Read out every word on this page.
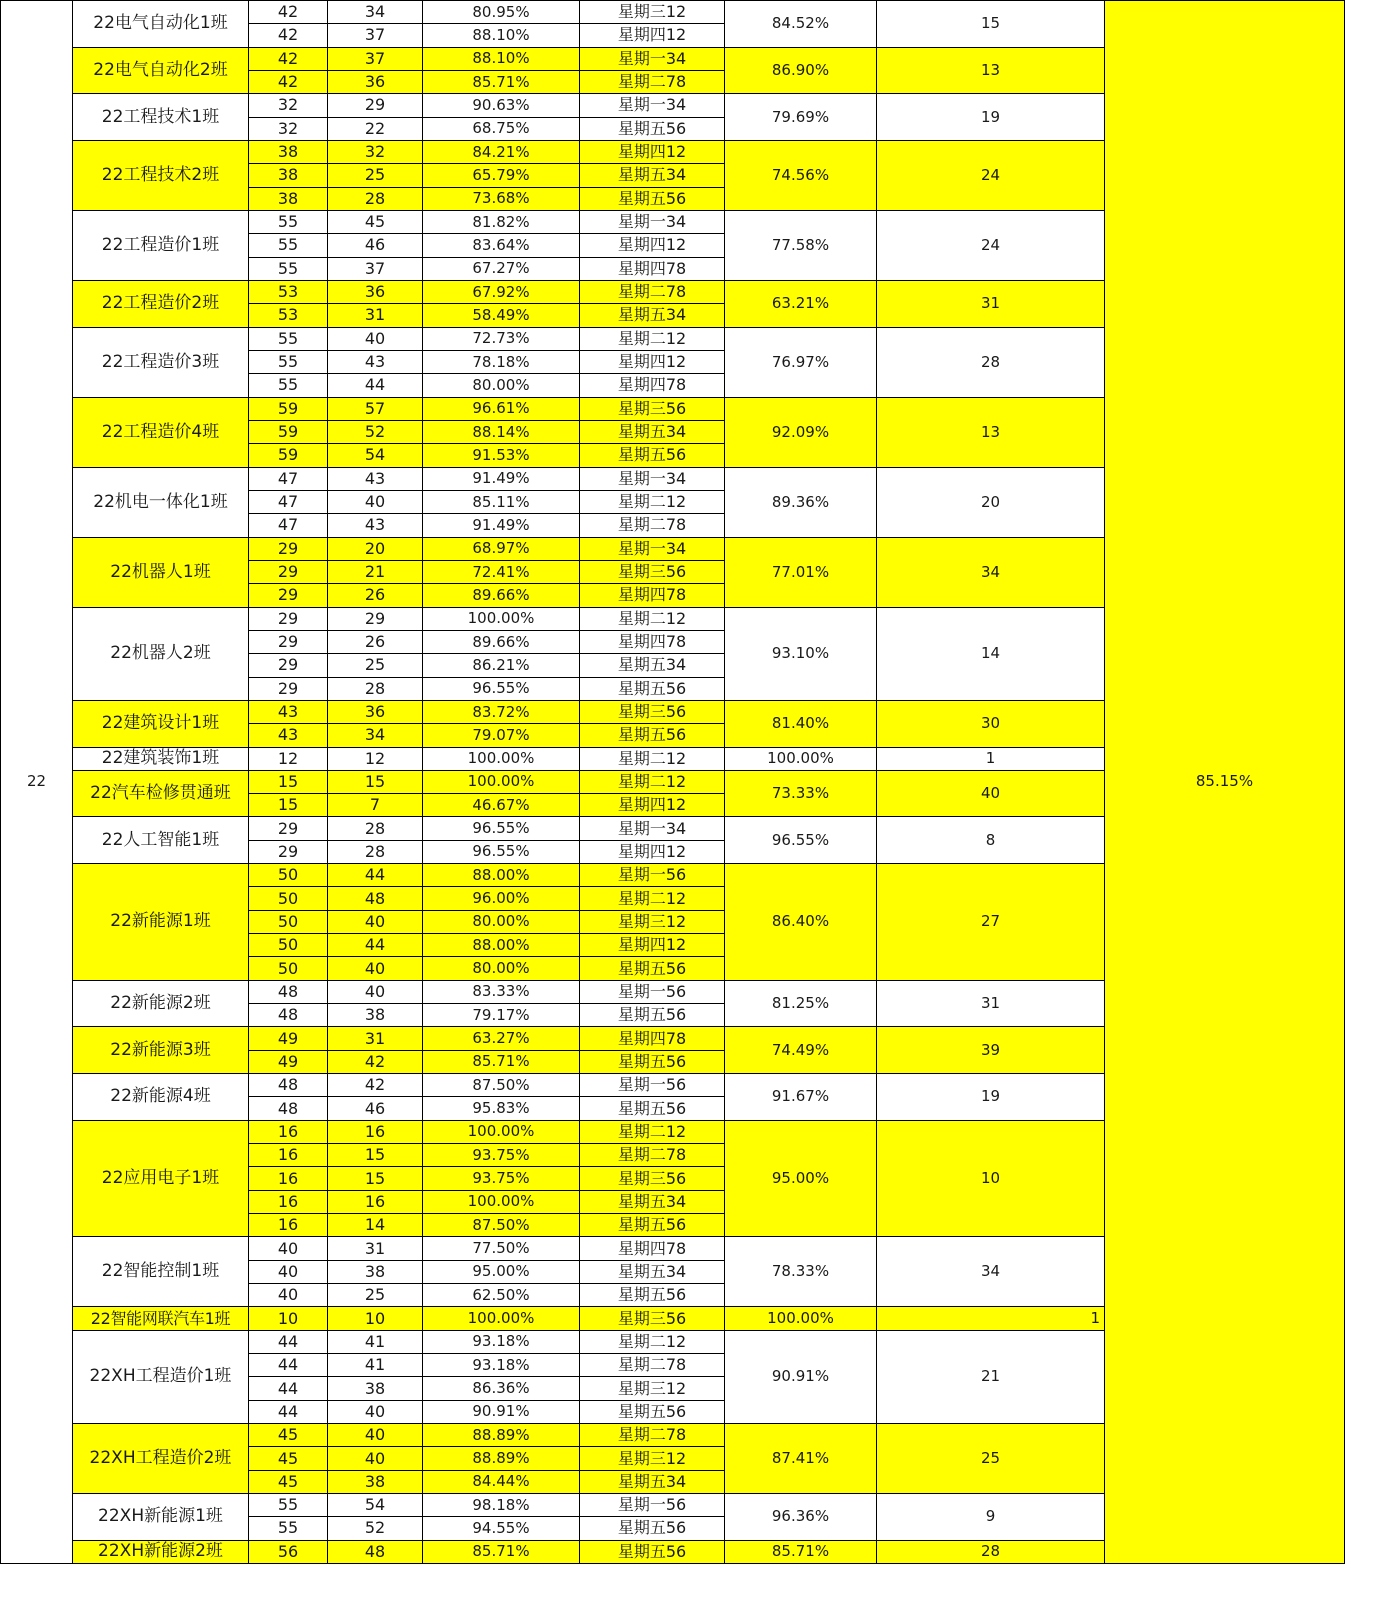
22	22电气自动化1班	42	34	80.95%	星期三12	84.52%	15	85.15%
		42	37	88.10%	星期四12			
	22电气自动化2班	42	37	88.10%	星期一34	86.90%	13	
		42	36	85.71%	星期二78			
	22工程技术1班	32	29	90.63%	星期一34	79.69%	19	
		32	22	68.75%	星期五56			
	22工程技术2班	38	32	84.21%	星期四12	74.56%	24	
		38	25	65.79%	星期五34			
		38	28	73.68%	星期五56			
	22工程造价1班	55	45	81.82%	星期一34	77.58%	24	
		55	46	83.64%	星期四12			
		55	37	67.27%	星期四78			
	22工程造价2班	53	36	67.92%	星期二78	63.21%	31	
		53	31	58.49%	星期五34			
	22工程造价3班	55	40	72.73%	星期二12	76.97%	28	
		55	43	78.18%	星期四12			
		55	44	80.00%	星期四78			
	22工程造价4班	59	57	96.61%	星期三56	92.09%	13	
		59	52	88.14%	星期五34			
		59	54	91.53%	星期五56			
	22机电一体化1班	47	43	91.49%	星期一34	89.36%	20	
		47	40	85.11%	星期二12			
		47	43	91.49%	星期二78			
	22机器人1班	29	20	68.97%	星期一34	77.01%	34	
		29	21	72.41%	星期三56			
		29	26	89.66%	星期四78			
	22机器人2班	29	29	100.00%	星期二12	93.10%	14	
		29	26	89.66%	星期四78			
		29	25	86.21%	星期五34			
		29	28	96.55%	星期五56			
	22建筑设计1班	43	36	83.72%	星期三56	81.40%	30	
		43	34	79.07%	星期五56			
	22建筑装饰1班	12	12	100.00%	星期二12	100.00%	1	
	22汽车检修贯通班	15	15	100.00%	星期二12	73.33%	40	
		15	7	46.67%	星期四12			
	22人工智能1班	29	28	96.55%	星期一34	96.55%	8	
		29	28	96.55%	星期四12			
	22新能源1班	50	44	88.00%	星期一56	86.40%	27	
		50	48	96.00%	星期二12			
		50	40	80.00%	星期三12			
		50	44	88.00%	星期四12			
		50	40	80.00%	星期五56			
	22新能源2班	48	40	83.33%	星期一56	81.25%	31	
		48	38	79.17%	星期五56			
	22新能源3班	49	31	63.27%	星期四78	74.49%	39	
		49	42	85.71%	星期五56			
	22新能源4班	48	42	87.50%	星期一56	91.67%	19	
		48	46	95.83%	星期五56			
	22应用电子1班	16	16	100.00%	星期二12	95.00%	10	
		16	15	93.75%	星期二78			
		16	15	93.75%	星期三56			
		16	16	100.00%	星期五34			
		16	14	87.50%	星期五56			
	22智能控制1班	40	31	77.50%	星期四78	78.33%	34	
		40	38	95.00%	星期五34			
		40	25	62.50%	星期五56			
	22智能网联汽车1班	10	10	100.00%	星期三56	100.00%	1	
	22XH工程造价1班	44	41	93.18%	星期二12	90.91%	21	
		44	41	93.18%	星期二78			
		44	38	86.36%	星期三12			
		44	40	90.91%	星期五56			
	22XH工程造价2班	45	40	88.89%	星期二78	87.41%	25	
		45	40	88.89%	星期三12			
		45	38	84.44%	星期五34			
	22XH新能源1班	55	54	98.18%	星期一56	96.36%	9	
		55	52	94.55%	星期五56			
	22XH新能源2班	56	48	85.71%	星期五56	85.71%	28	
